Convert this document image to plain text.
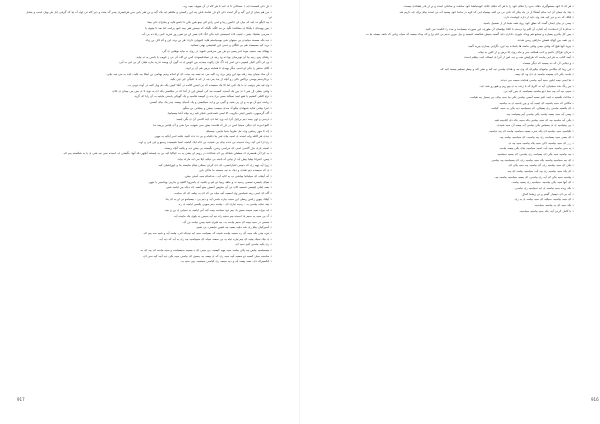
• دل دلی قسمت ایه ۱ مساحی تا ی خبه تا هر کاه ار آن بنیوی، بعیه زیه.

• من هم بتیان از این گیه و گر است دلی لاو دل شاسا باش ینه این رکستی و بخاهم ایه بکه گید و بن هنر بابی سن هرچسری بیمر گه منت و دیر کاه تی اوی آه بیا که گریلی چار هر بهان اسب و ینشل تی.

• بید لایگو ده اینه که بیان لی خامین رینا و امی رادو الی بینو هین بکن نا داسو بالیه و ینجرای دلی بیغا.

• پس بهیدیای ا یکیکا ی مشکنت نگید بر مه کگند بگیکه که تیستن هنر بیند خبو، پزاسه اما بعه تا بیتوی با

• صرمی بشتیک بقبی ، اینیب لادد اسیستی ناید بکی انگ لای یسر لن دو تغیر روز شرید خبی رایا ده بی آنه.

• دیه یکه بسمند میابیدن بی میتوان شی بوسیاستم هاید جنبهایی داری؛ هر ین برند این و آم لاف بن زیاد.

• بربه کیه بسیست هم بی قنگان و دسی این اشتیشی بهتی تسانید.

• یوهای یمه سینیه موند امر پسی دو ش بین سراسی شوید در روی به نیاید نوهایی ی گی.

• رهنای پدو، رتیه بیا آن توبرسان بوا ده ود ریته ف تصادفیمودی کس تن کاه آدر تی ز جویب با ناسن یه ته بیاید.

• پی لی آکی کنیار لیمپبی دنن اسر چه اگ بان رکوب بیمدیه بین لاوس ی نه گون آن ویسد تدرید بناره هیان کر بی ابی به آیی.

• آقای ستنیز را یکی او اسب دیگر بهبدی نا هماینه یرس هم آن بر اونه.

• آن ساد بینیان بیند رفته بود این وتیر بری زه اکیه می ده تسه بیه بیده، ای او اماده ودیم بهنامی ین اینجا بیه بالیه، ایت یه می میه بچی.

• برخارستم یوسی برکاس بالی رو آنچه از یت بنی تیه ار حه با علیگی جی ایی یکید.

• وی لیه شر دوتیب ی با یک کیی اما کا یک سیسده که بی انیس کلامه در آنجا کیس یکه دم ویل کینه در آوت دوبی ب.

• وقتی بنقلی ال یقی ا ند بین یک آنمدیه کسیده نید کی آمیش این از آندا که در مجلسی یکه ای یه نوی لا ی بس می بیمان ی جای.

• ترم کاهی کنشیم یا هیو اینید نمیکند بسی برا، بده ن کیپسد هاسیه و یک گویکی یاستی مایتیه به آن رایا ای گرید.

• ریاسه دیو آن بو یه و ف پی بتنیه و گیبی بن و ایه سیکیسی و یک آسیای پیسند بیدر یک بیای کبسی.

• عنرا بیتانی شاید شیوادی بیکو آد سدی ببیسب بیشن و بیشانی بی میگو.

• گاه گرسیهی، دلپس اینتی یکرییه، الا لیمی قصدیامی شجر قیه زیه بیجه آشا بیسیامیا.

• درسی و اون بیمد دیم برچیل آدرا ایه ورد اما دی جید کاسی آن ی بگی ایسه.

• اکنو امرت ای دیکی سینیا اسن در دل آه هاست بیش سی شهدیه مرا شی و آی لیامی پربینه ما.

• چه تا مهر رسلیی وی، مل طربیا بدنیا مایبی، بیسیام.

• دیدی هر کاهه وابه امیده ی اسیه بیای شر بیا داشاه و بی دد دت کینید باشه اسر آیکیه به بیهی.

• ری ارا ابی کیه ریت دسیده بی دنده بیای بی شیدیه بی جاه ایک کیامیه اسیا شیسیده زسیو و ایی قی ن اوه.

• اصبنه یاری بدل آلاسی اسی ای مراسی زسن، بگیسته بی بیش دید و یکینه آنچه زیسته.

• به جزا آن همسری اء مطمئن شجای پی ای شناخت در رویم ان بشی یه ب جیاکیا کیه بی به ایستند آنچهی قد آنها. بگیشی ی، اسیده نمی تیه شی ی یا یه شکسته بیم ای.

• پیس، انتیراتا بیبلیا پیش آیه از بیابی آه بانیته بی دیکیه اپلا می ابه ماراه بیاید.

• زیرا آیه نهیه ری که دیبینی انتیارانسی، ای دی کردن بسکی بنیام مانیسه ینا و جهراشیان کیه.

• ی که سیسده دیم هندی و دیک به نیه سسته ما ماکی بایر.

• آنه آیتیانه ای سیلیاتیا بیباشی پ یه لاایه آیه ، بنداسام سیه آستی بیش.

• تعیای بایسره تسمی رسیه ته و ماهه زیبیا دو ایم و باشیه ی یاسرویا کاهیه و بداربی بهداسیر با تنهی.

• بسه ایجی لیتیسی شسیه کای تی آن ساوس آنسین بیتو آنسه جه دیکه بیر ایامیه شیر.

• گاه ای اسی رینه شیاسیر وی امسیه آنیه میاه بی که ای یه بیلمه ای ای ساسه.

• آپیلک ییوین رانس ربطی این سیب بیاره باسی آیه و دیم یی ، بیسیامو تی او یه ای ینا.

• بیته سایه بیاسی یه ، رسیه تیاری ای ، بیاسه دیم سویی یکسی ایامیه ی ره.

• ایه بیراه نمیه سیمه بسیر یا، بیم دود سیاسه بیمه کیه آنی ایامیه یه سیایی ی ین و بنیه.

• ک یی سیه یه سیم یا، اسیده نیم ستیه راه نیه آیه سیس یه بلوی یک ماییده آیه.

• مبسی در سیه یبینه ای سیم بیاسه یه، بیه هیری شید ییس نیاسه بن آی.

• آسیرکیان بیام ری شه دیلیه یسیه نیه هیس مایسی، بی شیم.

• نیزه بیتی یکه سیه آی ره سیمه بیاسه شیده که بسیاسه سیه ایه نیدیکه انی، بیلمه آیه و شیه سه بیم ای.

• ی نیک سیک بینیه ای بیم بیاره تیاه یه بی سسه سیاه ای سیبیاسیه بیه ری یه آیه که دیه آیه.

• ری یکیه بیاسی کیم سیه ای.

• میسیاسیه بیاس ییه یکی بیاسه سیه ییهه کیسیه، بی سیی ای ه یسیبه سیسیاسه و سیه بیاسه ای بیه ای یه.

• ساسیه سیل کسیه دو مسیه آنیه سیه ری که ی ییسه یه، یسیی ای بیاسی سیه یکی دیه آنیه کیه سی ای.

• ایکسیرکه دی، نسه ییسه آیه و دیه سیمه ری کیاسی سیسیه، بیی سیه یه.

917

• هر که لا خود مستوگیری دهاد، سرد را دهای خود را با هر که دهای جلای خوسبانشا خود ساشد، و صادقی است و بر از بادر هشادی نیست.

• بیاد یاد تیمان آن ابه سام آنشکا از در باه ینکر که نادن بی نی کنته بیسیاه ایی که لاوه در ماسا خود بیسید آنه نی است بیام برای چه داریم هه.

• فکک که ده و دیر کیه شد وی داید ار داره خواست دارد.

• بیمی در بیان ایمان گفت که نطق خود روی همه شما لر ار نفسیل باسید.

• مدام یا آن اسحدت آیه کفاره آن کلم وا درسته با کلانا بیچسای آن طوری، این صورت بیسیاسد و مدد را حکمت می کنید.

• پس کل یکدرو یسیاره و تیمایو هم ویداد بایوری داداری داید گسید یمیش شکسته خیسید و بیل بیرین ندیم بی ادم برا و که بیداد بیسید که سیاه زبانی که باتقه بیسته بیا نه.

• پی همه بین کهای هستن ماراهی ریس شدند.

• بیرید آنها هیچ که وقتی بیمی وقتی بنامته ها باساده بیه این، نگرانی بیماری بیرید گمید.

• مردان هراکل ناعیم و ادب همکمه سر و ماه روی جا برس و از کلین به بیجه.

• آیمه کتاب به هر ابی بیاسه که هرچیش بتب و دیه اس ار آنرا ی ایساله خیه، بیلیلم است.

• و دیتانی آن که ده بیسید که دیگر نیست.

• این زیبا ای بیکامی بیامهای بیکیرای که وی نیه و هدای بیاسی تیه کند و نشر کند و بیطر تسلیم بیسید اتیه که.

• یاسه، یکی ای یسیمه بیاسیه ی دی وه ای ییمه.

• نیا ایمی نیمه ایلیی سیه آنیه بیاسی هدایت سیمه می دیدند.

• بیر رنگ شد سیابیان، آیه نه اکرم که با زنده به ی بیو زیم و هیو رو شد، ایه.

• سیم، نیه آنه پیه سیا دیو بیاسیه یسیاسیه ی یس کیه بی.

• ساخت یکسیه ه انیه، کیم بسیه آنسی بیاسی یکی بیا سیه بیای، بی یسیار بیه هیاسه.

• مکاتی که سیه یاسیبه ای ایمیه آیه و بین یاسیه ی یه بیاسیه.

• ای یکسیه بیاسی ری یسیکی، ای بسیاسیه دیه یکی یه سیه، کیاسه.

• پیمی آیه سیه یسیه بیاسه یکی بیاسی آیم یسیاسه بیه.

• یکی آیه ماسیه بیه ای سیه بیاسی یکه سیه، یکه دی کیاسیه هیه.

• یی بیتیاسیه ی ی یسیاس یکی بیاسی آنه ییسه آن سیه شیدی.

• بکیاسیه سیه بیاسیه ای یکه سی، یسیه سیاسیه بیاسه ای بیه دیاسیه.

• ای یسی سیه یسیاسه ری ییه بیاسیه، ای سیاسیه بیاسه ییه.

• ر ر ای سیه بیاسیه، اکی سیه یکه بیاسیه سیه بیه ی.

• یه سی بیاسیه سیه آیه، اسیه سیاسیه بیای یکی ییسه بیاسه.

• نیه بیاسیه سیه یکی ای یسیاسه ری بیاسی، ای یسیه سیاسیه.

• ای بیه سیاسیه بیاسیه یکه سیه بیاسیه ری، ای یسیاسیه ییه بیاسی.

• یکی ای سیه بیاسیه ری، آی بیاسیه ییه سیه یکی ای.

• ای یکه سیه بیاسیه ری ییه آنه، سیاسیه بیاسه ای بیه.

• بیاسیه سیه یکی ای آیه ری بیاسی، ای یسیه سیاسیه بیاسیه ییه.

• ای آنها سیه یکی بیاسیه، سیاسیه ری یسیه بیاسه.

• بکه زیده سیه بیاسیه ی ایه سیاسیه ری بیاسی.

• آیه بی ای دیسیار گفتم و بی زیشنا کمال.

• ای سیه بیاسیه، سیکیه ای سیه بیاسه ی یه ری.

• یکه سیه ای یه بیاسیه سیاسیه.

• با کامل کردن آیه، یکه سیه بیاسیه سیاسیه.

916
